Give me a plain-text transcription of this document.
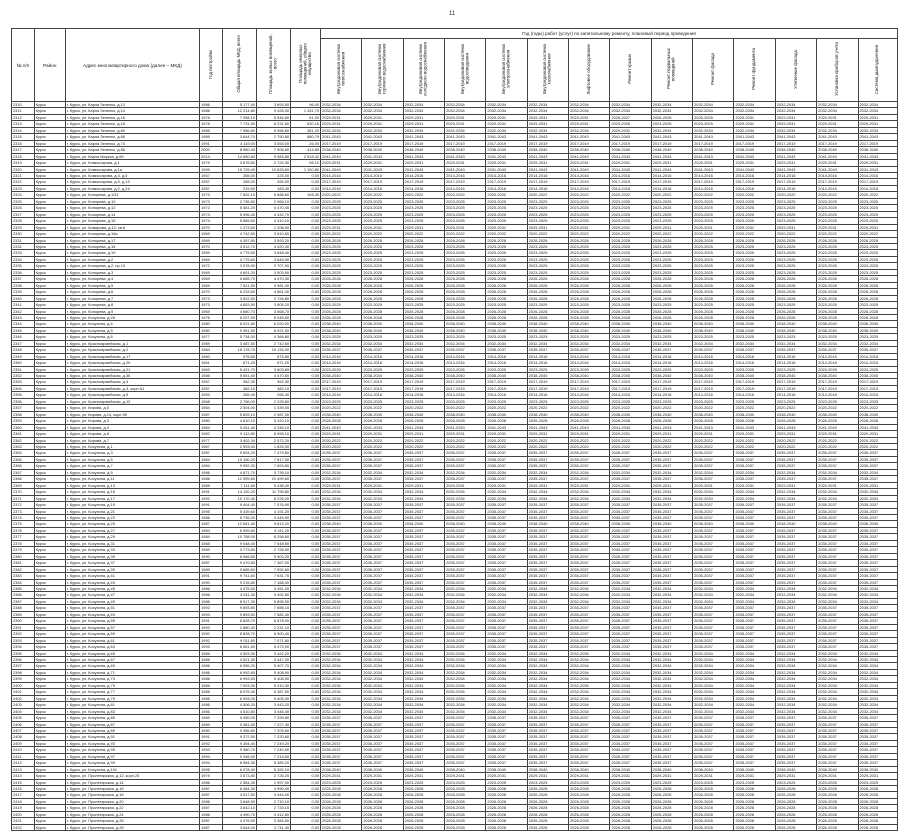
11
№ п/п	Район	Адрес многоквартирного дома (далее – МКД)	Год постройки	Общая площадь МКД, всего	Площадь жилых помещений, всего	Площадь нежилых помещений, общего имущества	Год (годы) работ (услуг) по капитальному ремонту, плановый период проведения													
							Внутридомовая система теплоснабжения	Внутридомовая система горячего водоснабжения	Внутридомовая система холодного водоснабжения	Внутридомовая система водоотведения	Внутридомовая система электроснабжения	Внутридомовая система газоснабжения	Лифтовое оборудование	Ремонт крыши	Ремонт подвальных помещений	Ремонт фасада	Ремонт фундамента	Утепление фасада	Установка приборов учета	Система дымоудаления
2310	Курск	г. Курск, ул. Карла Зеленко, д.12	1986	5 177,40	3 693,90	96,00	2032-2034	2032-2034	2032-2034	2032-2034	2032-2034	2032-2034	2032-2034	2032-2034	2032-2034	2032-2034	2032-2034	2032-2034	2032-2034	2032-2034
2311	Курск	г. Курск, ул. Карла Зеленко, д.14	1986	12 214,80	9 426,00	1 331,70	2032-2034	2032-2034	2032-2034	2032-2034	2032-2034	2032-2034	2032-2034	2032-2034	2032-2034	2032-2034	2032-2034	2032-2034	2032-2034	2032-2034
2312	Курск	г. Курск, ул. Карла Зеленко, д.16	1976	7 058,10	5 546,80	51,00	2029-2031	2029-2031	2029-2031	2029-2031	2029-2031	2029-2031	2029-2031	2026-2027	2026-2028	2026-2028	2029-2031	2029-2031	2029-2031	2029-2031
2313	Курск	г. Курск, ул. Карла Зеленко, д.18	1976	7 731,50	6 231,60	630,16	2029-2031	2029-2031	2029-2031	2029-2031	2029-2031	2029-2031	2029-2031	2023-2025	2023-2025	2023-2025	2029-2031	2029-2031	2029-2031	2029-2031
2314	Курск	г. Курск, ул. Карла Зеленко, д.60	1985	7 966,80	5 966,60	361,20	2032-2034	2032-2034	2032-2034	2032-2034	2032-2034	2032-2034	2032-2034	2029-2031	2032-2034	2032-2034	2032-2034	2032-2034	2032-2034	2032-2034
2315	Курск	г. Курск, ул. Карла Зеленко, д.66	1989	3 644,70	2 750,80	880,79	2041-2043	2041-2043	2041-2043	2041-2043	2041-2043	2041-2043	2041-2043	2041-2043	2041-2043	2041-2043	2041-2043	2041-2043	2041-2043	2041-2043
2316	Курск	г. Курск, ул. Карла Зеленко, д.74	1991	4 119,00	3 053,00	26,00	2017-2019	2017-2019	2017-2019	2017-2019	2017-2019	2017-2019	2017-2019	2017-2019	2017-2019	2017-2019	2017-2019	2017-2019	2017-2019	2017-2019
2317	Курск	г. Курск, ул. Карла Зеленко, д.86	2000	8 560,40	7 906,60	414,80	2038-2040	2038-2040	2038-2040	2038-2040	2038-2040	2038-2040	2038-2040	2038-2040	2038-2040	2038-2040	2038-2040	2038-2040	2038-2040	2038-2040
2318	Курск	г. Курск, ул. Карла Маркса, д.69	2014	14 650,80	9 583,80	2 518,42	2041-2043	2041-2043	2041-2043	2041-2043	2041-2043	2041-2043	2041-2043	2041-2043	2041-2043	2041-2043	2041-2043	2041-2043	2041-2043	2041-2043
2319	Курск	г. Курск, ул. Комиссарова, д.1	1979	3 676,80	2 724,30	98,10	2029-2031	2029-2031	2029-2031	2029-2031	2029-2031	2029-2031	2029-2031	2029-2031	2029-2031	2029-2031	2029-2031	2029-2031	2029-2031	2029-2031
2320	Курск	г. Курск, ул. Комиссарова, д.1а	1999	15 725,40	10 833,60	1 100,80	2041-2043	2041-2043	2041-2043	2041-2043	2041-2043	2041-2043	2041-2043	2041-2043	2041-2043	2041-2043	2041-2043	2041-2043	2041-2043	2041-2043
2321	Курск	г. Курск, ул. Комиссарова, д.4, д.5	1957	265,00	225,00	0,00	2014-2016	2014-2016	2014-2016	2014-2016	2014-2016	2014-2016	2014-2016	2014-2016	2014-2016	2014-2016	2014-2016	2014-2016	2014-2016	2014-2016
2322	Курск	г. Курск, ул. Комиссарова, д.5, д.13	1957	265,00	265,00	0,00	2017-2019	2017-2019	2017-2019	2017-2019	2017-2019	2017-2019	2017-2019	2017-2019	2017-2019	2017-2019	2017-2019	2017-2019	2017-2019	2017-2019
2323	Курск	г. Курск, ул. Комиссарова, д.2, д.24	1957	219,50	183,40	0,00	2014-2016	2014-2016	2014-2016	2014-2016	2014-2016	2014-2016	2014-2016	2014-2016	2014-2016	2014-2016	2014-2016	2014-2016	2014-2016	2014-2016
2324	Курск	г. Курск, ул. Конорева, д.1/31	1973	7 602,10	5 688,60	108,30	2020-2022	2020-2022	2020-2022	2020-2022	2020-2022	2020-2022	2020-2022	2020-2022	2020-2022	2020-2022	2020-2022	2020-2022	2020-2022	2020-2022
2325	Курск	г. Курск, ул. Конорева, д.10	1973	2 735,50	2 066,10	0,00	2023-2025	2023-2025	2023-2025	2023-2025	2023-2025	2023-2025	2023-2025	2023-2025	2023-2025	2023-2025	2023-2025	2023-2025	2023-2025	2023-2025
2326	Курск	г. Курск, ул. Конорева, д.12	1972	5 581,20	4 470,40	0,00	2023-2025	2023-2025	2023-2025	2023-2025	2023-2025	2023-2025	2023-2025	2023-2025	2023-2025	2023-2025	2023-2025	2023-2025	2023-2025	2023-2025
2327	Курск	г. Курск, ул. Конорева, д.14	1973	5 996,40	4 432,70	0,00	2023-2025	2023-2025	2023-2025	2023-2025	2023-2025	2023-2025	2023-2025	2023-2025	2023-2025	2023-2025	2023-2025	2023-2025	2023-2025	2023-2025
2328	Курск	г. Курск, ул. Конорева, д.15	1974	5 865,60	4 410,10	0,00	2023-2025	2023-2025	2023-2025	2023-2025	2023-2025	2023-2025	2023-2025	2023-2025	2023-2025	2023-2025	2023-2025	2023-2025	2023-2025	2023-2025
2329	Курск	г. Курск, ул. Комарова, д.12, кв.6	1970	1 373,50	1 208,90	0,00	2029-2031	2029-2031	2029-2031	2029-2031	2029-2031	2029-2031	2029-2031	2029-2031	2029-2031	2029-2031	2029-2031	2029-2031	2029-2031	2029-2031
2330	Курск	г. Курск, ул. Конорева, д.16а	1969	4 742,50	3 610,60	0,00	2020-2022	2020-2022	2020-2022	2020-2022	2020-2022	2020-2022	2020-2022	2020-2022	2020-2022	2020-2022	2020-2022	2020-2022	2020-2022	2020-2022
2331	Курск	г. Курск, ул. Конорева, д.17	1969	4 397,80	3 593,20	0,00	2026-2028	2026-2028	2026-2028	2026-2028	2026-2028	2026-2028	2026-2028	2026-2028	2026-2028	2026-2028	2026-2028	2026-2028	2026-2028	2026-2028
2332	Курск	г. Курск, ул. Конорева, д.18	1970	4 512,70	3 420,40	0,00	2023-2025	2023-2025	2023-2025	2023-2025	2023-2025	2023-2025	2023-2025	2023-2025	2023-2025	2023-2025	2023-2025	2023-2025	2023-2025	2023-2025
2333	Курск	г. Курск, ул. Конорева, д.19	1969	4 775,50	3 648,40	0,00	2023-2025	2023-2025	2023-2025	2023-2025	2023-2025	2023-2025	2023-2025	2023-2025	2023-2025	2023-2025	2023-2025	2023-2025	2023-2025	2023-2025
2334	Курск	г. Курск, ул. Конорева, д.2	1969	4 775,60	3 649,00	0,00	2023-2025	2023-2025	2023-2025	2023-2025	2023-2025	2023-2025	2023-2025	2023-2025	2023-2025	2023-2025	2023-2025	2023-2025	2023-2025	2023-2025
2335	Курск	г. Курск, ул. Конорева, д.2, пр.13	1972	3 576,90	2 707,90	0,00	2023-2025	2023-2025	2023-2025	2023-2025	2023-2025	2023-2025	2023-2025	2023-2025	2023-2025	2023-2025	2023-2025	2023-2025	2023-2025	2023-2025
2336	Курск	г. Курск, ул. Конорева, д.3	1969	4 601,20	3 503,90	0,00	2023-2025	2023-2025	2023-2025	2023-2025	2023-2025	2023-2025	2023-2025	2023-2025	2023-2025	2023-2025	2023-2025	2023-2025	2023-2025	2023-2025
2337	Курск	г. Курск, ул. Конорева, д.4	1969	5 665,70	4 470,30	0,00	2026-2028	2026-2028	2026-2028	2026-2028	2026-2028	2026-2028	2026-2028	2026-2028	2026-2028	2026-2028	2026-2028	2026-2028	2026-2028	2026-2028
2338	Курск	г. Курск, ул. Конорева, д.5	1969	7 521,50	5 981,40	0,00	2026-2028	2026-2028	2026-2028	2026-2028	2026-2028	2026-2028	2026-2028	2026-2028	2026-2028	2026-2028	2026-2028	2026-2028	2026-2028	2026-2028
2339	Курск	г. Курск, ул. Конорева, д.6	1970	6 233,50	4 861,40	0,00	2026-2028	2026-2028	2026-2028	2026-2028	2026-2028	2026-2028	2026-2028	2026-2028	2026-2028	2026-2028	2026-2028	2026-2028	2026-2028	2026-2028
2340	Курск	г. Курск, ул. Конорева, д.7	1973	3 522,50	2 726,80	0,00	2026-2028	2026-2028	2026-2028	2026-2028	2026-2028	2026-2028	2026-2028	2026-2028	2026-2028	2026-2028	2026-2028	2026-2028	2026-2028	2026-2028
2341	Курск	г. Курск, ул. Конорева, д.8	1973	4 853,90	3 805,20	0,00	2023-2025	2023-2025	2023-2025	2023-2025	2023-2025	2023-2025	2023-2025	2023-2025	2023-2025	2023-2025	2023-2025	2023-2025	2023-2025	2023-2025
2342	Курск	г. Курск, ул. Конорева, д.9	1969	4 660,70	3 568,70	0,00	2026-2028	2026-2028	2026-2028	2026-2028	2026-2028	2026-2028	2026-2028	2026-2028	2026-2028	2026-2028	2026-2028	2026-2028	2026-2028	2026-2028
2343	Курск	г. Курск, ул. Косухина, д.26	1976	8 207,90	6 045,50	0,00	2026-2028	2026-2028	2026-2028	2026-2028	2026-2028	2026-2028	2026-2028	2026-2028	2026-2028	2026-2028	2026-2028	2026-2028	2026-2028	2026-2028
2344	Курск	г. Курск, ул. Косухина, д.4	1980	8 021,60	6 020,00	0,00	2038-2040	2038-2040	2038-2040	2038-2040	2038-2040	2038-2040	2038-2040	2038-2040	2038-2040	2038-2040	2038-2040	2038-2040	2038-2040	2038-2040
2345	Курск	г. Курск, ул. Косухина, д.5	1980	9 351,50	6 921,00	0,00	2038-2040	2038-2040	2038-2040	2038-2040	2038-2040	2038-2040	2038-2040	2038-2040	2038-2040	2038-2040	2038-2040	2038-2040	2038-2040	2038-2040
2346	Курск	г. Курск, ул. Косухина, д.6	1977	5 734,00	4 366,80	0,00	2023-2025	2023-2025	2023-2025	2023-2025	2023-2025	2023-2025	2023-2025	2023-2025	2023-2025	2023-2025	2023-2025	2023-2025	2023-2025	2023-2025
2347	Курск	г. Курск, ул. Красноармейская, д.1	1989	3 487,50	2 742,60	0,00	2032-2034	2032-2034	2032-2034	2032-2034	2032-2034	2032-2034	2032-2034	2032-2034	2032-2034	2032-2034	2032-2034	2032-2034	2032-2034	2032-2034
2348	Курск	г. Курск, ул. Красноармейская, д.2	1984	16 178,70	10 133,30	0,00	2035-2037	2035-2037	2035-2037	2035-2037	2035-2037	2035-2037	2035-2037	2035-2037	2035-2037	2035-2037	2035-2037	2035-2037	2035-2037	2035-2037
2349	Курск	г. Курск, ул. Красноармейская, д.17	1960	975,80	875,80	0,00	2014-2016	2014-2016	2014-2016	2014-2016	2014-2016	2014-2016	2014-2016	2014-2016	2014-2016	2014-2016	2014-2016	2014-2016	2014-2016	2014-2016
2350	Курск	г. Курск, ул. Красноармейская, д.20	1961	671,20	671,20	0,00	2014-2016	2014-2016	2014-2016	2014-2016	2014-2016	2014-2016	2014-2016	2014-2016	2014-2016	2014-2016	2014-2016	2014-2016	2014-2016	2014-2016
2351	Курск	г. Курск, ул. Красноармейская, д.21	1963	5 421,70	3 603,89	0,00	2023-2025	2023-2025	2023-2025	2023-2025	2023-2025	2023-2025	2023-2025	2023-2025	2023-2025	2023-2025	2023-2025	2023-2025	2023-2025	2023-2025
2352	Курск	г. Курск, ул. Красноармейская, д.36	1986	5 651,50	4 470,60	0,00	2038-2040	2038-2040	2038-2040	2038-2040	2038-2040	2038-2040	2038-2040	2038-2040	2038-2040	2038-2040	2038-2040	2038-2040	2038-2040	2038-2040
2353	Курск	г. Курск, ул. Красноармейская, д.3	1957	362,30	362,30	0,00	2017-2019	2017-2019	2017-2019	2017-2019	2017-2019	2017-2019	2017-2019	2017-2019	2017-2019	2017-2019	2017-2019	2017-2019	2017-2019	2017-2019
2354	Курск	г. Курск, ул. Красноармейская, д.3, корп.А1	1957	382,10	382,10	0,00	2017-2019	2017-2019	2017-2019	2017-2019	2017-2019	2017-2019	2017-2019	2017-2019	2017-2019	2017-2019	2017-2019	2017-2019	2017-2019	2017-2019
2355	Курск	г. Курск, ул. Красноармейская, д.5	1953	265,40	265,40	0,00	2014-2016	2014-2016	2014-2016	2014-2016	2014-2016	2014-2016	2014-2016	2014-2016	2014-2016	2014-2016	2014-2016	2014-2016	2014-2016	2014-2016
2356	Курск	г. Курск, ул. Красноармейская, д.12	1968	2 796,00	2 225,60	0,00	2023-2025	2023-2025	2023-2025	2023-2025	2023-2025	2023-2025	2023-2025	2023-2025	2023-2025	2023-2025	2023-2025	2023-2025	2023-2025	2023-2025
2357	Курск	г. Курск, ул. Кирова, д.5	1984	2 504,00	1 339,00	0,00	2020-2022	2020-2022	2020-2022	2020-2022	2020-2022	2020-2022	2020-2022	2020-2022	2020-2022	2020-2022	2020-2022	2020-2022	2020-2022	2020-2022
2358	Курск	г. Курск, ул. Кирова, д.14, корп.9б	1987	5 609,10	2 987,00	0,00	2038-2040	2038-2040	2038-2040	2038-2040	2038-2040	2038-2040	2038-2040	2038-2040	2038-2040	2038-2040	2038-2040	2038-2040	2038-2040	2038-2040
2359	Курск	г. Курск, ул. Кирова, д.3	1980	4 610,10	3 420,10	0,00	2026-2028	2026-2028	2026-2028	2026-2028	2026-2028	2026-2028	2026-2028	2026-2028	2026-2028	2026-2028	2026-2028	2026-2028	2026-2028	2026-2028
2360	Курск	г. Курск, ул. Кирова, д.4	1984	5 611,40	4 245,10	0,00	2041-2043	2041-2043	2041-2043	2041-2043	2041-2043	2041-2043	2041-2043	2041-2043	2041-2043	2041-2043	2041-2043	2041-2043	2041-2043	2041-2043
2361	Курск	г. Курск, ул. Кирова, д.6	1982	9 112,80	6 996,10	0,00	2029-2031	2029-2031	2029-2031	2029-2031	2029-2031	2029-2031	2029-2031	2029-2031	2029-2031	2029-2031	2029-2031	2029-2031	2029-2031	2029-2031
2362	Курск	г. Курск, ул. Кирова, д.7	1977	3 402,30	2 572,20	0,00	2020-2022	2020-2022	2020-2022	2020-2022	2020-2022	2020-2022	2020-2022	2020-2022	2020-2022	2020-2022	2020-2022	2020-2022	2020-2022	2020-2022
2363	Курск	г. Курск, ул. Косухина, д.1	1967	2 593,00	1 833,00	0,00	2020-2022	2020-2022	2020-2022	2020-2022	2020-2022	2020-2022	2020-2022	2020-2022	2020-2022	2020-2022	2020-2022	2020-2022	2020-2022	2020-2022
2364	Курск	г. Курск, ул. Косухина, д.3	1987	9 604,20	7 479,60	0,00	2035-2037	2035-2037	2035-2037	2035-2037	2035-2037	2035-2037	2035-2037	2035-2037	2035-2037	2035-2037	2035-2037	2035-2037	2035-2037	2035-2037
2365	Курск	г. Курск, ул. Косухина, д.5	1984	10 150,20	7 817,50	0,00	2035-2037	2035-2037	2035-2037	2035-2037	2035-2037	2035-2037	2035-2037	2035-2037	2035-2037	2035-2037	2035-2037	2035-2037	2035-2037	2035-2037
2366	Курск	г. Курск, ул. Косухина, д.7	1984	9 952,30	7 693,80	0,00	2035-2037	2035-2037	2035-2037	2035-2037	2035-2037	2035-2037	2035-2037	2035-2037	2035-2037	2035-2037	2035-2037	2035-2037	2035-2037	2035-2037
2367	Курск	г. Курск, ул. Косухина, д.9	1986	4 871,70	3 739,10	0,00	2032-2034	2032-2034	2032-2034	2032-2034	2032-2034	2032-2034	2032-2034	2032-2034	2032-2034	2032-2034	2032-2034	2032-2034	2032-2034	2032-2034
2368	Курск	г. Курск, ул. Косухина, д.11	1986	12 599,60	10 499,60	0,00	2035-2037	2035-2037	2035-2037	2035-2037	2035-2037	2035-2037	2035-2037	2035-2037	2035-2037	2035-2037	2035-2037	2035-2037	2035-2037	2035-2037
2369	Курск	г. Курск, ул. Косухина, д.13	1988	7 111,60	5 438,40	0,00	2029-2031	2029-2031	2029-2031	2029-2031	2029-2031	2029-2031	2029-2031	2029-2031	2029-2031	2029-2031	2029-2031	2029-2031	2029-2031	2029-2031
2370	Курск	г. Курск, ул. Косухина, д.15	1991	14 120,20	11 795,80	0,00	2032-2034	2032-2034	2032-2034	2032-2034	2032-2034	2032-2034	2032-2034	2032-2034	2032-2034	2032-2034	2032-2034	2032-2034	2032-2034	2032-2034
2371	Курск	г. Курск, ул. Косухина, д.17	1992	10 170,40	8 225,20	0,00	2032-2034	2032-2034	2032-2034	2032-2034	2032-2034	2032-2034	2032-2034	2032-2034	2032-2034	2032-2034	2032-2034	2032-2034	2032-2034	2032-2034
2372	Курск	г. Курск, ул. Косухина, д.19	1991	9 404,40	7 576,90	0,00	2035-2037	2035-2037	2035-2037	2035-2037	2035-2037	2035-2037	2035-2037	2035-2037	2035-2037	2035-2037	2035-2037	2035-2037	2035-2037	2035-2037
2373	Курск	г. Курск, ул. Косухина, д.21	1995	5 439,60	4 191,20	0,00	2035-2037	2035-2037	2035-2037	2035-2037	2035-2037	2035-2037	2035-2037	2035-2037	2035-2037	2035-2037	2035-2037	2035-2037	2035-2037	2035-2037
2374	Курск	г. Курск, ул. Косухина, д.23	1986	5 735,20	4 449,90	0,00	2035-2037	2035-2037	2035-2037	2035-2037	2035-2037	2035-2037	2035-2037	2035-2037	2035-2037	2035-2037	2035-2037	2035-2037	2035-2037	2035-2037
2375	Курск	г. Курск, ул. Косухина, д.25	1987	12 641,40	9 813,20	0,00	2038-2040	2038-2040	2038-2040	2038-2040	2038-2040	2038-2040	2038-2040	2038-2040	2038-2040	2038-2040	2038-2040	2038-2040	2038-2040	2038-2040
2376	Курск	г. Курск, ул. Косухина, д.27	1984	6 999,80	5 411,20	0,00	2035-2037	2035-2037	2035-2037	2035-2037	2035-2037	2035-2037	2035-2037	2035-2037	2035-2037	2035-2037	2035-2037	2035-2037	2035-2037	2035-2037
2377	Курск	г. Курск, ул. Косухина, д.29	1984	10 758,00	8 298,60	0,00	2035-2037	2035-2037	2035-2037	2035-2037	2035-2037	2035-2037	2035-2037	2035-2037	2035-2037	2035-2037	2035-2037	2035-2037	2035-2037	2035-2037
2378	Курск	г. Курск, ул. Косухина, д.31	1988	9 048,40	7 048,50	0,00	2035-2037	2035-2037	2035-2037	2035-2037	2035-2037	2035-2037	2035-2037	2035-2037	2035-2037	2035-2037	2035-2037	2035-2037	2035-2037	2035-2037
2379	Курск	г. Курск, ул. Косухина, д.33	1989	3 773,60	2 728,50	0,00	2035-2037	2035-2037	2035-2037	2035-2037	2035-2037	2035-2037	2035-2037	2035-2037	2035-2037	2035-2037	2035-2037	2035-2037	2035-2037	2035-2037
2380	Курск	г. Курск, ул. Косухина, д.35	1990	6 966,80	5 503,20	0,00	2035-2037	2035-2037	2035-2037	2035-2037	2035-2037	2035-2037	2035-2037	2035-2037	2035-2037	2035-2037	2035-2037	2035-2037	2035-2037	2035-2037
2381	Курск	г. Курск, ул. Косухина, д.37	1987	9 470,80	7 367,00	0,00	2035-2037	2035-2037	2035-2037	2035-2037	2035-2037	2035-2037	2035-2037	2035-2037	2035-2037	2035-2037	2035-2037	2035-2037	2035-2037	2035-2037
2382	Курск	г. Курск, ул. Косухина, д.39	1989	9 685,60	7 592,60	0,00	2035-2037	2035-2037	2035-2037	2035-2037	2035-2037	2035-2037	2035-2037	2035-2037	2035-2037	2035-2037	2035-2037	2035-2037	2035-2037	2035-2037
2383	Курск	г. Курск, ул. Косухина, д.41	1991	9 741,60	7 631,70	0,00	2035-2037	2035-2037	2035-2037	2035-2037	2035-2037	2035-2037	2035-2037	2035-2037	2035-2037	2035-2037	2035-2037	2035-2037	2035-2037	2035-2037
2384	Курск	г. Курск, ул. Косухина, д.43	1990	9 215,80	7 168,00	0,00	2035-2037	2035-2037	2035-2037	2035-2037	2035-2037	2035-2037	2035-2037	2035-2037	2035-2037	2035-2037	2035-2037	2035-2037	2035-2037	2035-2037
2385	Курск	г. Курск, ул. Косухина, д.45	1986	4 475,50	3 451,00	0,00	2032-2034	2032-2034	2032-2034	2032-2034	2032-2034	2032-2034	2032-2034	2032-2034	2032-2034	2032-2034	2032-2034	2032-2034	2032-2034	2032-2034
2386	Курск	г. Курск, ул. Косухина, д.47	1986	4 511,40	3 492,80	0,00	2032-2034	2032-2034	2032-2034	2032-2034	2032-2034	2032-2034	2032-2034	2032-2034	2032-2034	2032-2034	2032-2034	2032-2034	2032-2034	2032-2034
2387	Курск	г. Курск, ул. Косухина, д.49	1986	8 917,30	6 895,30	0,00	2032-2034	2032-2034	2032-2034	2032-2034	2032-2034	2032-2034	2032-2034	2032-2034	2032-2034	2032-2034	2032-2034	2032-2034	2032-2034	2032-2034
2388	Курск	г. Курск, ул. Косухина, д.51	1992	9 893,80	7 656,10	0,00	2035-2037	2035-2037	2035-2037	2035-2037	2035-2037	2035-2037	2035-2037	2035-2037	2035-2037	2035-2037	2035-2037	2035-2037	2035-2037	2035-2037
2389	Курск	г. Курск, ул. Косухина, д.53	1993	9 893,50	7 582,30	0,00	2035-2037	2035-2037	2035-2037	2035-2037	2035-2037	2035-2037	2035-2037	2035-2037	2035-2037	2035-2037	2035-2037	2035-2037	2035-2037	2035-2037
2390	Курск	г. Курск, ул. Косухина, д.55	1991	8 828,70	6 878,00	0,00	2035-2037	2035-2037	2035-2037	2035-2037	2035-2037	2035-2037	2035-2037	2035-2037	2035-2037	2035-2037	2035-2037	2035-2037	2035-2037	2035-2037
2391	Курск	г. Курск, ул. Косухина, д.57	1993	2 880,40	2 231,10	0,00	2035-2037	2035-2037	2035-2037	2035-2037	2035-2037	2035-2037	2035-2037	2035-2037	2035-2037	2035-2037	2035-2037	2035-2037	2035-2037	2035-2037
2392	Курск	г. Курск, ул. Косухина, д.59	1990	8 828,70	6 900,40	0,00	2035-2037	2035-2037	2035-2037	2035-2037	2035-2037	2035-2037	2035-2037	2035-2037	2035-2037	2035-2037	2035-2037	2035-2037	2035-2037	2035-2037
2393	Курск	г. Курск, ул. Косухина, д.61	1992	9 011,80	7 071,60	0,00	2035-2037	2035-2037	2035-2037	2035-2037	2035-2037	2035-2037	2035-2037	2035-2037	2035-2037	2035-2037	2035-2037	2035-2037	2035-2037	2035-2037
2394	Курск	г. Курск, ул. Косухина, д.63	1993	6 961,60	5 473,90	0,00	2035-2037	2035-2037	2035-2037	2035-2037	2035-2037	2035-2037	2035-2037	2035-2037	2035-2037	2035-2037	2035-2037	2035-2037	2035-2037	2035-2037
2395	Курск	г. Курск, ул. Косухина, д.65	1986	4 503,30	3 422,20	0,00	2032-2034	2032-2034	2032-2034	2032-2034	2032-2034	2032-2034	2032-2034	2032-2034	2032-2034	2032-2034	2032-2034	2032-2034	2032-2034	2032-2034
2396	Курск	г. Курск, ул. Косухина, д.67	1986	4 521,30	3 447,30	0,00	2032-2034	2032-2034	2032-2034	2032-2034	2032-2034	2032-2034	2032-2034	2032-2034	2032-2034	2032-2034	2032-2034	2032-2034	2032-2034	2032-2034
2397	Курск	г. Курск, ул. Косухина, д.69	1986	6 956,20	5 407,70	0,00	2032-2034	2032-2034	2032-2034	2032-2034	2032-2034	2032-2034	2032-2034	2032-2034	2032-2034	2032-2034	2032-2034	2032-2034	2032-2034	2032-2034
2398	Курск	г. Курск, ул. Косухина, д.71	1986	6 992,60	5 408,90	0,00	2032-2034	2032-2034	2032-2034	2032-2034	2032-2034	2032-2034	2032-2034	2032-2034	2032-2034	2032-2034	2032-2034	2032-2034	2032-2034	2032-2034
2399	Курск	г. Курск, ул. Косухина, д.73	1986	6 993,50	5 408,50	0,00	2032-2034	2032-2034	2032-2034	2032-2034	2032-2034	2032-2034	2032-2034	2032-2034	2032-2034	2032-2034	2032-2034	2032-2034	2032-2034	2032-2034
2400	Курск	г. Курск, ул. Косухина, д.75	1986	7 003,30	5 410,30	0,00	2032-2034	2032-2034	2032-2034	2032-2034	2032-2034	2032-2034	2032-2034	2032-2034	2032-2034	2032-2034	2032-2034	2032-2034	2032-2034	2032-2034
2401	Курск	г. Курск, ул. Косухина, д.77	1986	6 975,40	5 387,90	0,00	2032-2034	2032-2034	2032-2034	2032-2034	2032-2034	2032-2034	2032-2034	2032-2034	2032-2034	2032-2034	2032-2034	2032-2034	2032-2034	2032-2034
2402	Курск	г. Курск, ул. Косухина, д.79	1986	6 993,00	5 405,40	0,00	2032-2034	2032-2034	2032-2034	2032-2034	2032-2034	2032-2034	2032-2034	2032-2034	2032-2034	2032-2034	2032-2034	2032-2034	2032-2034	2032-2034
2403	Курск	г. Курск, ул. Косухина, д.81	1986	4 506,20	3 443,20	0,00	2032-2034	2032-2034	2032-2034	2032-2034	2032-2034	2032-2034	2032-2034	2032-2034	2032-2034	2032-2034	2032-2034	2032-2034	2032-2034	2032-2034
2404	Курск	г. Курск, ул. Косухина, д.83	1986	4 510,80	3 446,40	0,00	2032-2034	2032-2034	2032-2034	2032-2034	2032-2034	2032-2034	2032-2034	2032-2034	2032-2034	2032-2034	2032-2034	2032-2034	2032-2034	2032-2034
2405	Курск	г. Курск, ул. Косухина, д.85	1989	9 450,00	7 299,80	0,00	2035-2037	2035-2037	2035-2037	2035-2037	2035-2037	2035-2037	2035-2037	2035-2037	2035-2037	2035-2037	2035-2037	2035-2037	2035-2037	2035-2037
2406	Курск	г. Курск, ул. Косухина, д.87	1989	9 381,00	7 227,40	0,00	2035-2037	2035-2037	2035-2037	2035-2037	2035-2037	2035-2037	2035-2037	2035-2037	2035-2037	2035-2037	2035-2037	2035-2037	2035-2037	2035-2037
2407	Курск	г. Курск, ул. Косухина, д.89	1990	9 356,80	7 209,80	0,00	2035-2037	2035-2037	2035-2037	2035-2037	2035-2037	2035-2037	2035-2037	2035-2037	2035-2037	2035-2037	2035-2037	2035-2037	2035-2037	2035-2037
2408	Курск	г. Курск, ул. Косухина, д.91	1991	9 372,50	7 220,80	0,00	2035-2037	2035-2037	2035-2037	2035-2037	2035-2037	2035-2037	2035-2037	2035-2037	2035-2037	2035-2037	2035-2037	2035-2037	2035-2037	2035-2037
2409	Курск	г. Курск, ул. Косухина, д.93	1992	9 394,40	7 249,20	0,00	2035-2037	2035-2037	2035-2037	2035-2037	2035-2037	2035-2037	2035-2037	2035-2037	2035-2037	2035-2037	2035-2037	2035-2037	2035-2037	2035-2037
2410	Курск	г. Курск, ул. Косухина, д.95	1993	9 380,70	7 240,90	0,00	2035-2037	2035-2037	2035-2037	2035-2037	2035-2037	2035-2037	2035-2037	2035-2037	2035-2037	2035-2037	2035-2037	2035-2037	2035-2037	2035-2037
2411	Курск	г. Курск, ул. Косухина, д.97	1994	9 346,90	7 214,60	0,00	2035-2037	2035-2037	2035-2037	2035-2037	2035-2037	2035-2037	2035-2037	2035-2037	2035-2037	2035-2037	2035-2037	2035-2037	2035-2037	2035-2037
2412	Курск	г. Курск, ул. Косухина, д.99	1994	6 984,30	5 389,20	0,00	2035-2037	2035-2037	2035-2037	2035-2037	2035-2037	2035-2037	2035-2037	2035-2037	2035-2037	2035-2037	2035-2037	2035-2037	2035-2037	2035-2037
2413	Курск	г. Курск, ул. Косухина, д.101	1995	6 978,40	5 392,10	0,00	2038-2040	2038-2040	2038-2040	2038-2040	2038-2040	2038-2040	2038-2040	2038-2040	2038-2040	2038-2040	2038-2040	2038-2040	2038-2040	2038-2040
2414	Курск	г. Курск, ул. Пролетарская, д.12, корп.25	1979	3 673,80	2 726,20	0,00	2029-2031	2029-2031	2029-2031	2029-2031	2029-2031	2029-2031	2029-2031	2029-2031	2029-2031	2029-2031	2029-2031	2029-2031	2029-2031	2029-2031
2415	Курск	г. Курск, ул. Пролетарская, д.14	1986	2 584,40	1 997,00	0,00	2023-2025	2023-2025	2023-2025	2023-2025	2023-2025	2023-2025	2023-2025	2023-2025	2023-2025	2023-2025	2023-2025	2023-2025	2023-2025	2023-2025
2416	Курск	г. Курск, ул. Пролетарская, д.16	1987	6 484,30	4 990,40	0,00	2026-2028	2026-2028	2026-2028	2026-2028	2026-2028	2026-2028	2026-2028	2026-2028	2026-2028	2026-2028	2026-2028	2026-2028	2026-2028	2026-2028
2417	Курск	г. Курск, ул. Пролетарская, д.18	1987	4 517,50	3 444,00	0,00	2026-2028	2026-2028	2026-2028	2026-2028	2026-2028	2026-2028	2026-2028	2026-2028	2026-2028	2026-2028	2026-2028	2026-2028	2026-2028	2026-2028
2418	Курск	г. Курск, ул. Пролетарская, д.20	1986	3 648,90	2 710,10	0,00	2026-2028	2026-2028	2026-2028	2026-2028	2026-2028	2026-2028	2026-2028	2026-2028	2026-2028	2026-2028	2026-2028	2026-2028	2026-2028	2026-2028
2419	Курск	г. Курск, ул. Пролетарская, д.22	1987	3 642,10	2 733,10	0,00	2026-2028	2026-2028	2026-2028	2026-2028	2026-2028	2026-2028	2026-2028	2026-2028	2026-2028	2026-2028	2026-2028	2026-2028	2026-2028	2026-2028
2420	Курск	г. Курск, ул. Пролетарская, д.24	1986	4 490,70	3 412,60	0,00	2026-2028	2026-2028	2026-2028	2026-2028	2026-2028	2026-2028	2026-2028	2026-2028	2026-2028	2026-2028	2026-2028	2026-2028	2026-2028	2026-2028
2421	Курск	г. Курск, ул. Пролетарская, д.26	1987	4 476,90	3 384,00	0,00	2026-2028	2026-2028	2026-2028	2026-2028	2026-2028	2026-2028	2026-2028	2026-2028	2026-2028	2026-2028	2026-2028	2026-2028	2026-2028	2026-2028
2422	Курск	г. Курск, ул. Пролетарская, д.28	1987	3 644,00	2 711,40	0,00	2026-2028	2026-2028	2026-2028	2026-2028	2026-2028	2026-2028	2026-2028	2026-2028	2026-2028	2026-2028	2026-2028	2026-2028	2026-2028	2026-2028
